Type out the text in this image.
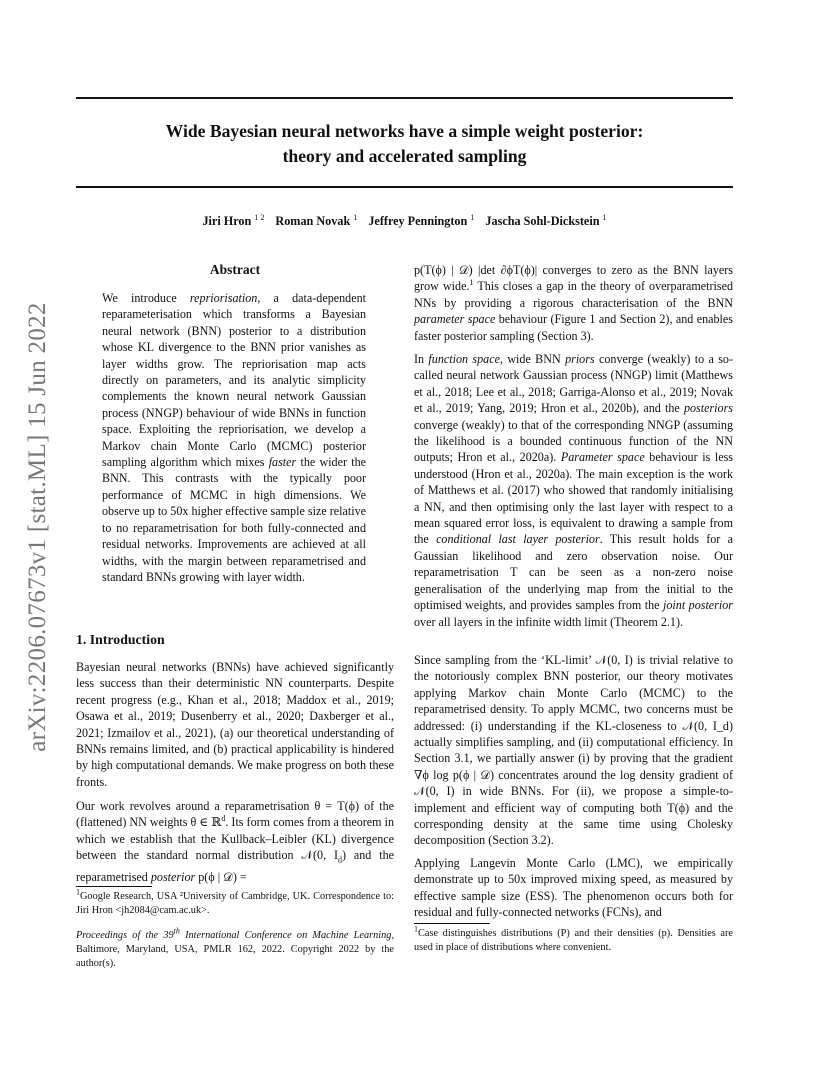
Wide Bayesian neural networks have a simple weight posterior:
theory and accelerated sampling
Jiri Hron $^{1 2}$ Roman Novak $^1$ Jeffrey Pennington $^1$ Jascha Sohl-Dickstein $^1$
arXiv:2206.07673v1 [stat.ML] 15 Jun 2022
Abstract
We introduce repriorisation, a data-dependent reparameterisation which transforms a Bayesian neural network (BNN) posterior to a distribution whose KL divergence to the BNN prior vanishes as layer widths grow. The repriorisation map acts directly on parameters, and its analytic simplicity complements the known neural network Gaussian process (NNGP) behaviour of wide BNNs in function space. Exploiting the repriorisation, we develop a Markov chain Monte Carlo (MCMC) posterior sampling algorithm which mixes faster the wider the BNN. This contrasts with the typically poor performance of MCMC in high dimensions. We observe up to 50x higher effective sample size relative to no reparametrisation for both fully-connected and residual networks. Improvements are achieved at all widths, with the margin between reparametrised and standard BNNs growing with layer width.
1. Introduction

Bayesian neural networks (BNNs) have achieved significantly less success than their deterministic NN counterparts. Despite recent progress (e.g., Khan et al., 2018; Maddox et al., 2019; Osawa et al., 2019; Dusenberry et al., 2020; Daxberger et al., 2021; Izmailov et al., 2021), (a) our theoretical understanding of BNNs remains limited, and (b) practical applicability is hindered by high computational demands. We make progress on both these fronts.

Our work revolves around a reparametrisation θ = T(ϕ) of the (flattened) NN weights θ ∈ ℝ$^d$. Its form comes from a theorem in which we establish that the Kullback–Leibler (KL) divergence between the standard normal distribution 𝒩(0, $I_d$) and the reparametrised posterior p(ϕ | 𝒟) =

$^1$Google Research, USA ²University of Cambridge, UK. Correspondence to: Jiri Hron <jh2084@cam.ac.uk>.
Proceedings of the 39th International Conference on Machine Learning, Baltimore, Maryland, USA, PMLR 162, 2022. Copyright 2022 by the author(s).

p(T(ϕ) | 𝒟) |det ∂ϕT(ϕ)| converges to zero as the BNN layers grow wide.$^1$ This closes a gap in the theory of overparametrised NNs by providing a rigorous characterisation of the BNN parameter space behaviour (Figure 1 and Section 2), and enables faster posterior sampling (Section 3).

In function space, wide BNN priors converge (weakly) to a so-called neural network Gaussian process (NNGP) limit (Matthews et al., 2018; Lee et al., 2018; Garriga-Alonso et al., 2019; Novak et al., 2019; Yang, 2019; Hron et al., 2020b), and the posteriors converge (weakly) to that of the corresponding NNGP (assuming the likelihood is a bounded continuous function of the NN outputs; Hron et al., 2020a). Parameter space behaviour is less understood (Hron et al., 2020a). The main exception is the work of Matthews et al. (2017) who showed that randomly initialising a NN, and then optimising only the last layer with respect to a mean squared error loss, is equivalent to drawing a sample from the conditional last layer posterior. This result holds for a Gaussian likelihood and zero observation noise. Our reparametrisation T can be seen as a non-zero noise generalisation of the underlying map from the initial to the optimised weights, and provides samples from the joint posterior over all layers in the infinite width limit (Theorem 2.1).

Since sampling from the ‘KL-limit’ 𝒩(0, I) is trivial relative to the notoriously complex BNN posterior, our theory motivates applying Markov chain Monte Carlo (MCMC) to the reparametrised density. To apply MCMC, two concerns must be addressed: (i) understanding if the KL-closeness to 𝒩(0, I_d) actually simplifies sampling, and (ii) computational efficiency. In Section 3.1, we partially answer (i) by proving that the gradient ∇ϕ log p(ϕ | 𝒟) concentrates around the log density gradient of 𝒩(0, I) in wide BNNs. For (ii), we propose a simple-to-implement and efficient way of computing both T(ϕ) and the corresponding density at the same time using Cholesky decomposition (Section 3.2).

Applying Langevin Monte Carlo (LMC), we empirically demonstrate up to 50x improved mixing speed, as measured by effective sample size (ESS). The phenomenon occurs both for residual and fully-connected networks (FCNs), and

$^1$Case distinguishes distributions (P) and their densities (p). Densities are used in place of distributions where convenient.
